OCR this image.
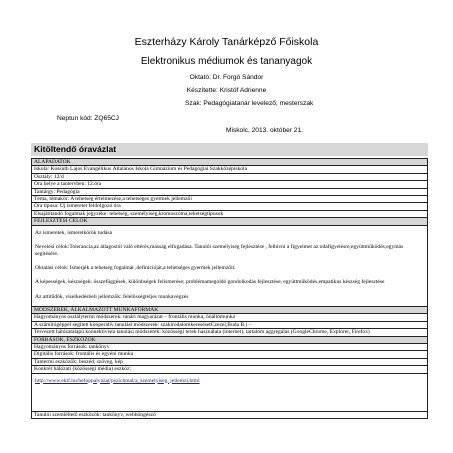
Eszterházy Károly Tanárképző Főiskola
Elektronikus médiumok és tananyagok
Oktató: Dr. Forgó Sándor
Készítette: Kristóf Adrienne
Szak: Pedagógiatanár levelező, mesterszak
Neptun kód: ZQ65CJ
Miskolc, 2013. október 21.
Kitöltendő óravázlat
ALAPADATOK
Iskola: Kossuth Lajos Evangélikus Általános Iskola Gimnázium és Pedagógiai Szakközépiskola
Osztály: 12/d
Óra helye a tantervben: 12.óra
Tantárgy: Pedagógia
Téma, témakör: A tehetség értelmezése,a tehetséges gyermek jellemzői
Óra típusa: Új ismeretet feldolgozó óra
Elsajátítandó fogalmak jegyzéke: tehetség, személyiség,kromoszóma,tehetségtípusok
FEJLESZTÉSI CÉLOK
Az ismeretek, ismeretkörök tudása
Nevelési célok:Tolerancia,az átlagostól való eltérés,másság elfogadása. Tanulói személyiség fejlesztése , felhívni a figyelmet az odafigyelésre,együttműködés,egymás segítésére.
Oktatási célok: Ismerjék a tehetség fogalmát ,definícióját,a tehetséges gyermek jellemzőit.
A képességek, készségek: összefüggések, különbségek felismerése; problémamegoldó gondolkodás fejlesztése, együttműködés,empatikus készség fejlesztése
Az attitűdök, viselkedésbeli jellemzők: felelősségteljes munkavégzés
MÓDSZEREK, ALKALMAZOTT MUNKAFORMÁK
Hagyományos osztálytermi módszerek: tanári magyarázat – frontális munka, önállómunka
A számítógéppel segített kooperatív tanulási módszerek: szakirodalomkeresésetCzezel,Buda B.) –
Tervezett hálózatalapú konnektivista tanulási módszerek: közösségi terek használata (internet), tartalom aggregálás (GoogleChrome, Explorer, Firefox)
FORRÁSOK, ESZKÖZÖK
Hagyományos források: tankönyv
Digitális források: frontális és egyéni munka
Tantermi eszközök: beszéd, szöveg, kép
Konkrét hálózati (közösségi média) eszköz:
http://www.ektf.hu/hefoppalyazat/pszichmal/a_szemelyiseg_jellemzi.html
Tanulói szemléltető eszközök: tankönyv, webböngésző
